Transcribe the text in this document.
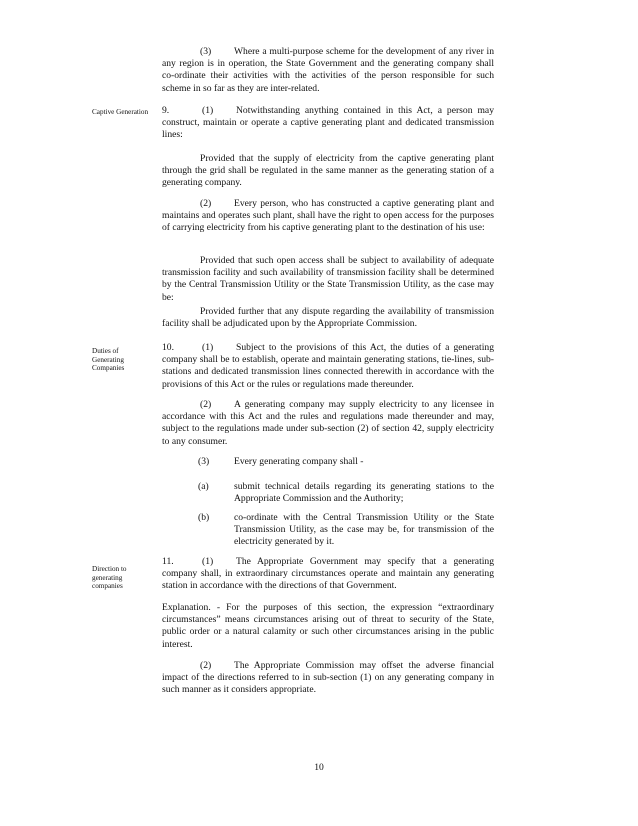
Captive Generation
Duties of Generating Companies
Direction to generating companies

(3) Where a multi-purpose scheme for the development of any river in any region is in operation, the State Government and the generating company shall co-ordinate their activities with the activities of the person responsible for such scheme in so far as they are inter-related.

9.	(1) Notwithstanding anything contained in this Act, a person may construct, maintain or operate a captive generating plant and dedicated transmission lines:

Provided that the supply of electricity from the captive generating plant through the grid shall be regulated in the same manner as the generating station of a generating company.

(2) Every person, who has constructed a captive generating plant and maintains and operates such plant, shall have the right to open access for the purposes of carrying electricity from his captive generating plant to the destination of his use:

Provided that such open access shall be subject to availability of adequate transmission facility and such availability of transmission facility shall be determined by the Central Transmission Utility or the State Transmission Utility, as the case may be:

Provided further that any dispute regarding the availability of transmission facility shall be adjudicated upon by the Appropriate Commission.

10.	(1) Subject to the provisions of this Act, the duties of a generating company shall be to establish, operate and maintain generating stations, tie-lines, sub-stations and dedicated transmission lines connected therewith in accordance with the provisions of this Act or the rules or regulations made thereunder.

(2) A generating company may supply electricity to any licensee in accordance with this Act and the rules and regulations made thereunder and may, subject to the regulations made under sub-section (2) of section 42, supply electricity to any consumer.

(3)	Every generating company shall -
(a)	submit technical details regarding its generating stations to the Appropriate Commission and the Authority;
(b)	co-ordinate with the Central Transmission Utility or the State Transmission Utility, as the case may be, for transmission of the electricity generated by it.

11.	(1) The Appropriate Government may specify that a generating company shall, in extraordinary circumstances operate and maintain any generating station in accordance with the directions of that Government.

Explanation. - For the purposes of this section, the expression “extraordinary circumstances” means circumstances arising out of threat to security of the State, public order or a natural calamity or such other circumstances arising in the public interest.

(2) The Appropriate Commission may offset the adverse financial impact of the directions referred to in sub-section (1) on any generating company in such manner as it considers appropriate.

10
